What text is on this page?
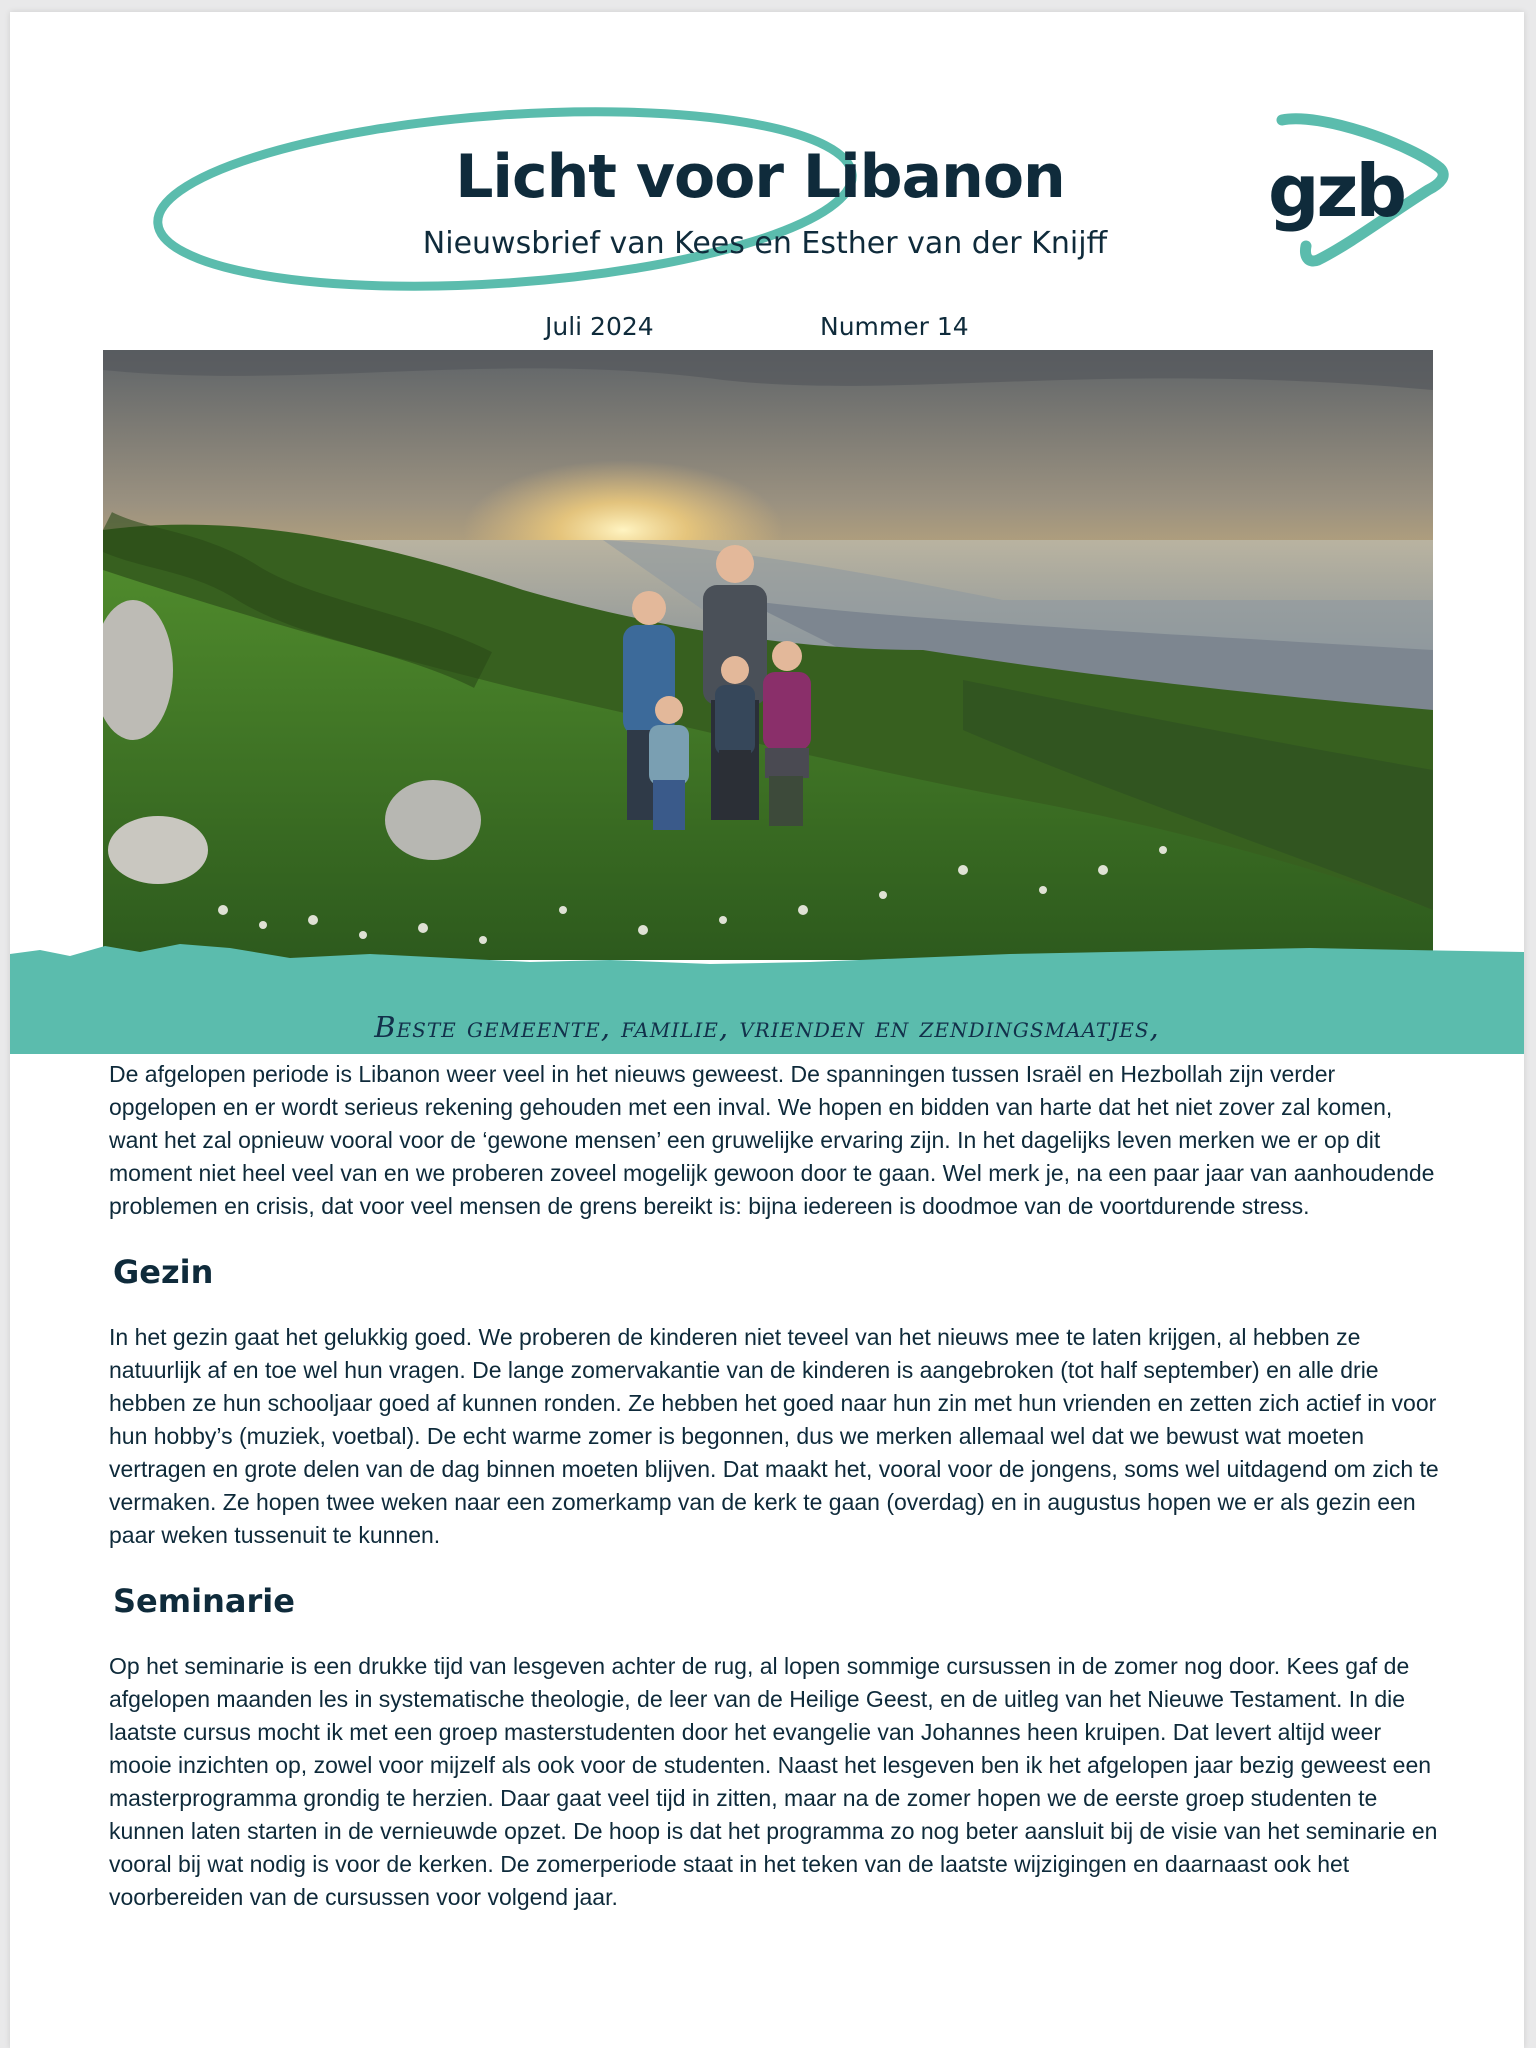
Licht voor Libanon
Nieuwsbrief van Kees en Esther van der Knijff
gzb
Juli 2024	Nummer 14
Beste gemeente, familie, vrienden en zendingsmaatjes,

De afgelopen periode is Libanon weer veel in het nieuws geweest. De spanningen tussen Israël en Hezbollah zijn verder opgelopen en er wordt serieus rekening gehouden met een inval. We hopen en bidden van harte dat het niet zover zal komen, want het zal opnieuw vooral voor de ‘gewone mensen’ een gruwelijke ervaring zijn. In het dagelijks leven merken we er op dit moment niet heel veel van en we proberen zoveel mogelijk gewoon door te gaan. Wel merk je, na een paar jaar van aanhoudende problemen en crisis, dat voor veel mensen de grens bereikt is: bijna iedereen is doodmoe van de voortdurende stress.

Gezin

In het gezin gaat het gelukkig goed. We proberen de kinderen niet teveel van het nieuws mee te laten krijgen, al hebben ze natuurlijk af en toe wel hun vragen. De lange zomervakantie van de kinderen is aangebroken (tot half september) en alle drie hebben ze hun schooljaar goed af kunnen ronden. Ze hebben het goed naar hun zin met hun vrienden en zetten zich actief in voor hun hobby’s (muziek, voetbal). De echt warme zomer is begonnen, dus we merken allemaal wel dat we bewust wat moeten vertragen en grote delen van de dag binnen moeten blijven. Dat maakt het, vooral voor de jongens, soms wel uitdagend om zich te vermaken. Ze hopen twee weken naar een zomerkamp van de kerk te gaan (overdag) en in augustus hopen we er als gezin een paar weken tussenuit te kunnen.

Seminarie

Op het seminarie is een drukke tijd van lesgeven achter de rug, al lopen sommige cursussen in de zomer nog door. Kees gaf de afgelopen maanden les in systematische theologie, de leer van de Heilige Geest, en de uitleg van het Nieuwe Testament. In die laatste cursus mocht ik met een groep masterstudenten door het evangelie van Johannes heen kruipen. Dat levert altijd weer mooie inzichten op, zowel voor mijzelf als ook voor de studenten. Naast het lesgeven ben ik het afgelopen jaar bezig geweest een masterprogramma grondig te herzien. Daar gaat veel tijd in zitten, maar na de zomer hopen we de eerste groep studenten te kunnen laten starten in de vernieuwde opzet. De hoop is dat het programma zo nog beter aansluit bij de visie van het seminarie en vooral bij wat nodig is voor de kerken. De zomerperiode staat in het teken van de laatste wijzigingen en daarnaast ook het voorbereiden van de cursussen voor volgend jaar.
